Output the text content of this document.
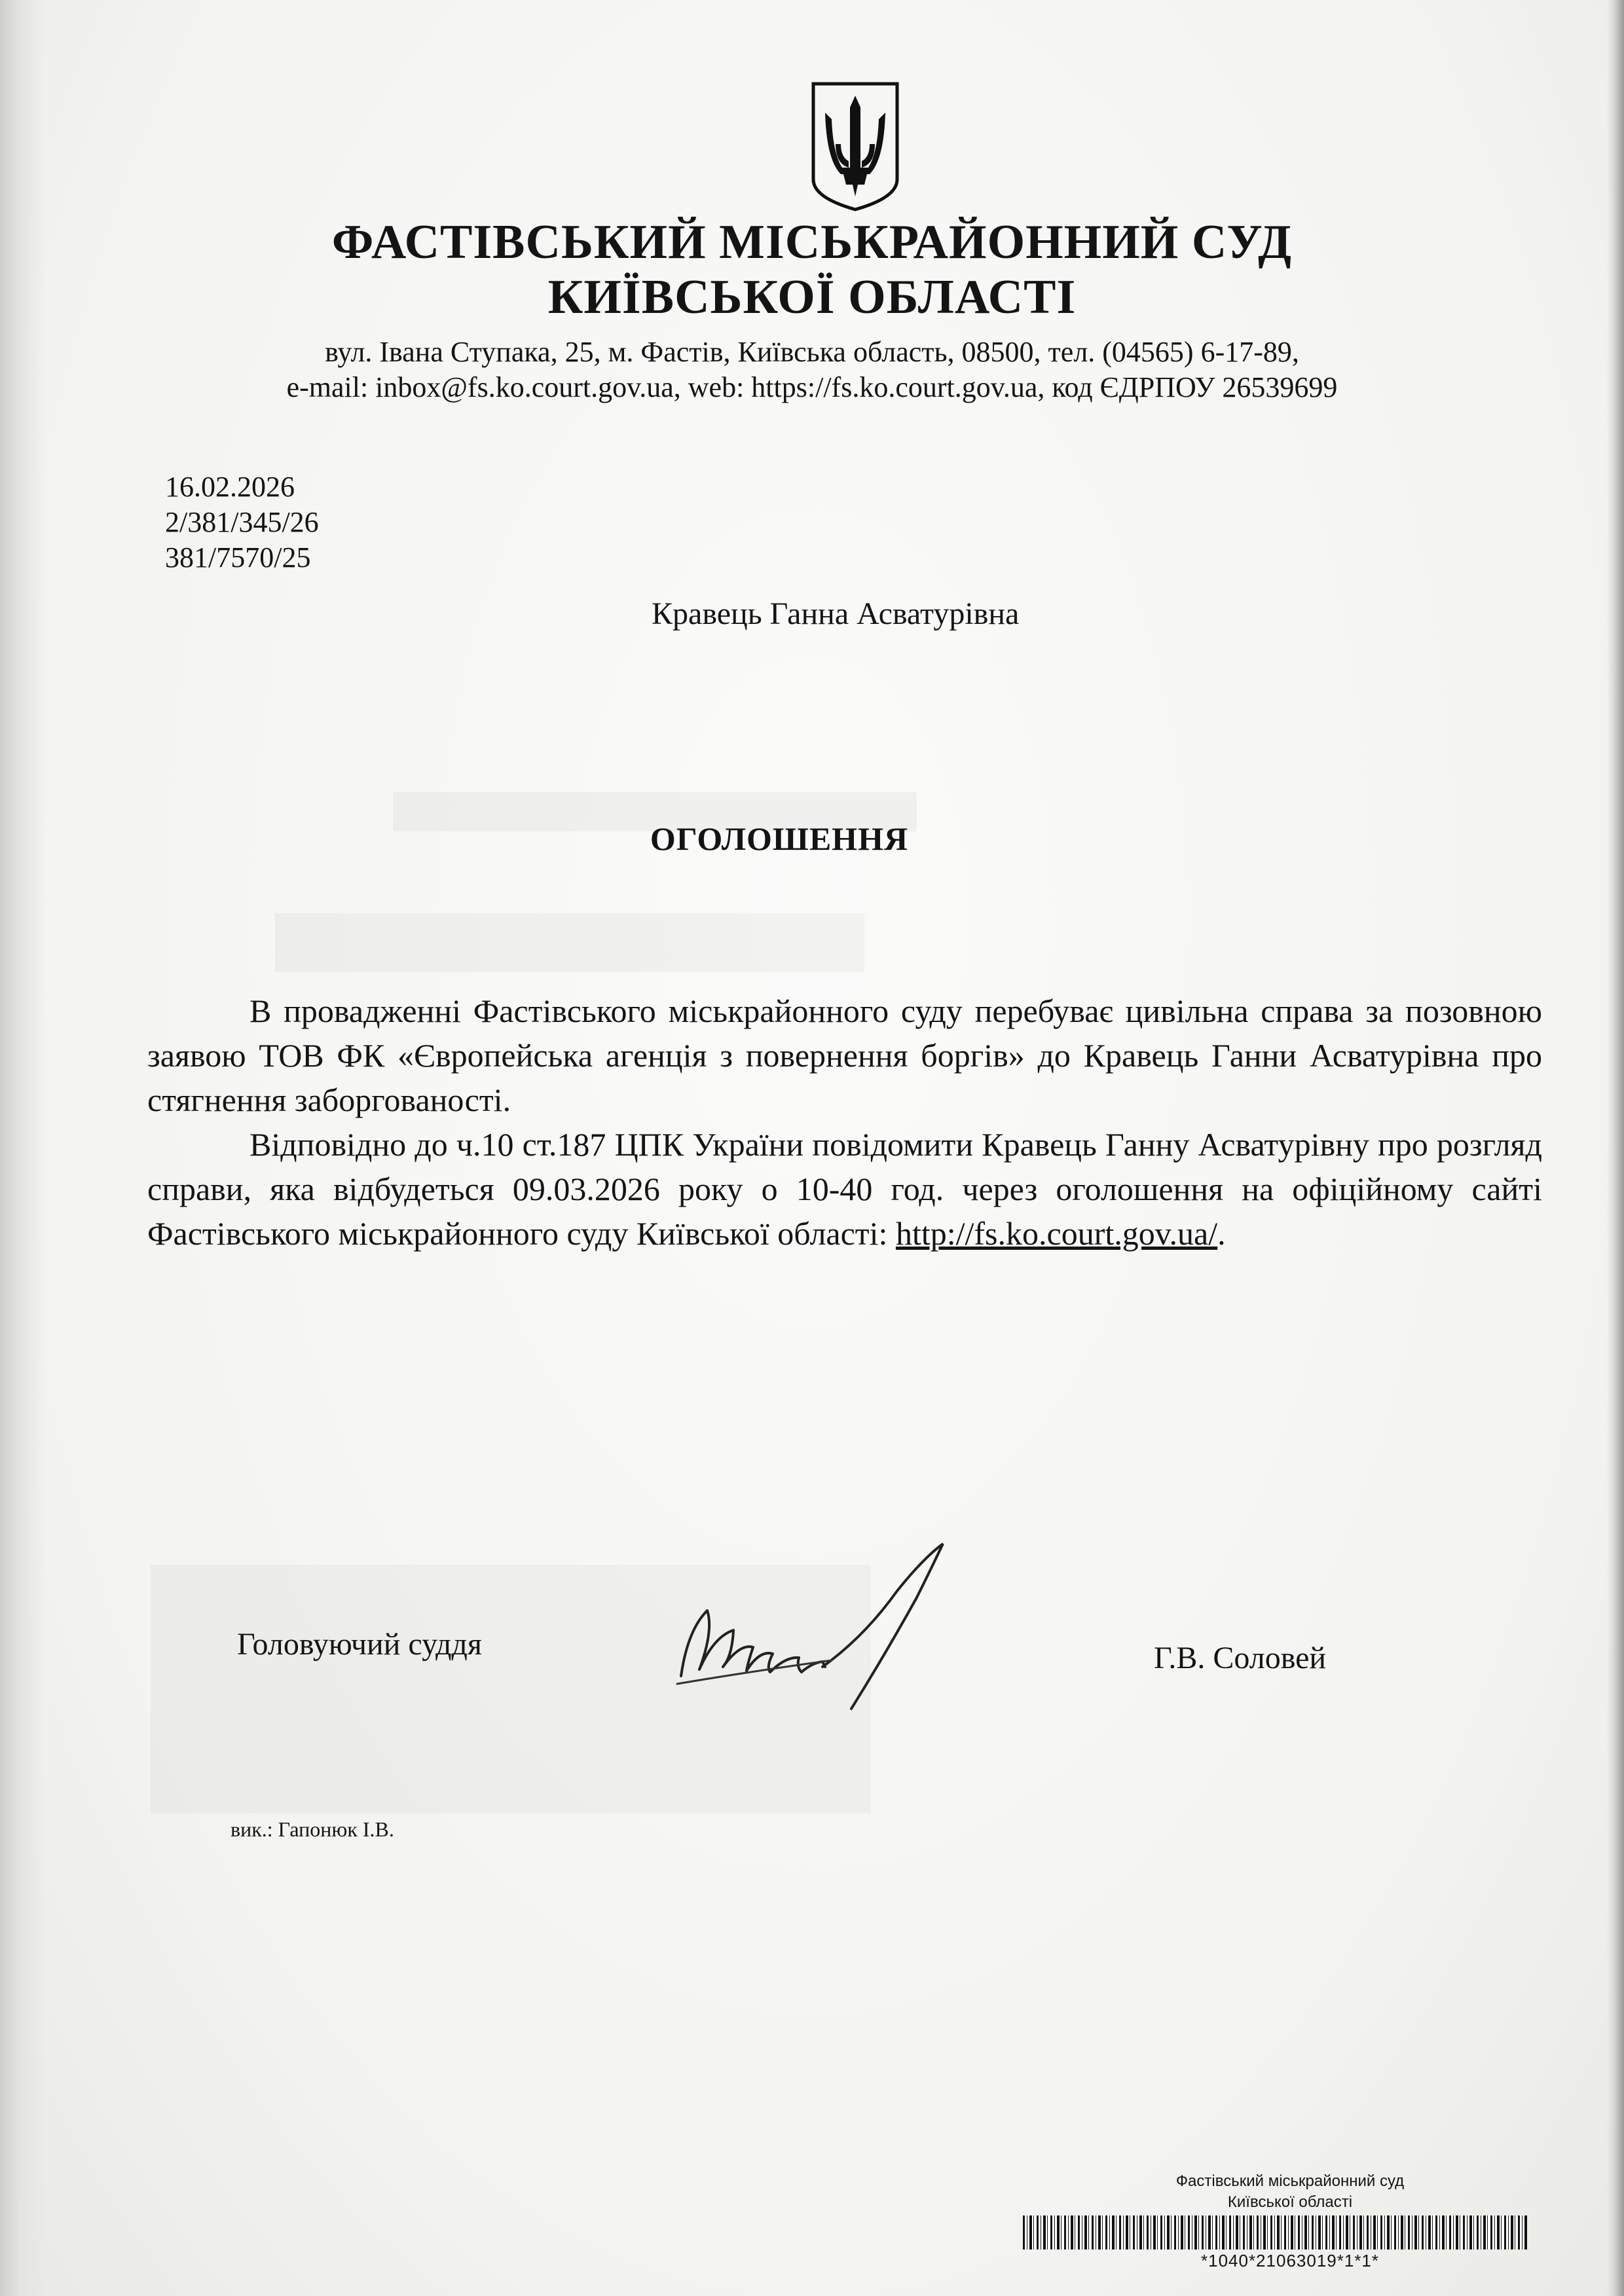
ФАСТІВСЬКИЙ МІСЬКРАЙОННИЙ СУД
КИЇВСЬКОЇ ОБЛАСТІ

вул. Івана Ступака, 25, м. Фастів, Київська область, 08500, тел. (04565) 6-17-89,

e-mail: inbox@fs.ko.court.gov.ua, web: https://fs.ko.court.gov.ua, код ЄДРПОУ 26539699

16.02.2026

2/381/345/26

381/7570/25

Кравець Ганна Асватурівна

ОГОЛОШЕННЯ

В провадженні Фастівського міськрайонного суду перебуває цивільна справа за позовною заявою ТОВ ФК «Європейська агенція з повернення боргів» до Кравець Ганни Асватурівна про стягнення заборгованості.

Відповідно до ч.10 ст.187 ЦПК України повідомити Кравець Ганну Асватурівну про розгляд справи, яка відбудеться 09.03.2026 року о 10-40 год. через оголошення на офіційному сайті Фастівського міськрайонного суду Київської області: http://fs.ko.court.gov.ua/.

Головуючий суддя	Г.В. Соловей

вик.: Гапонюк І.В.

Фастівський міськрайонний суд

Київської області

*1040*21063019*1*1*
